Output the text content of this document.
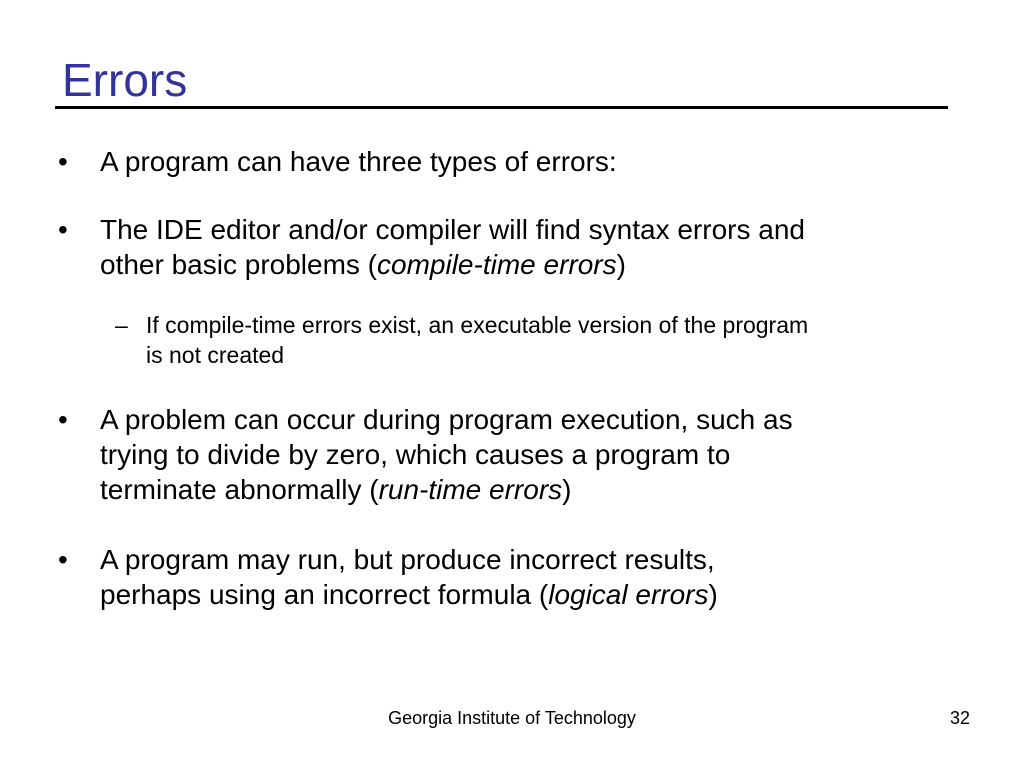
Errors
•	A program can have three types of errors:
•	The IDE editor and/or compiler will find syntax errors and
other basic problems (compile-time errors)
– If compile-time errors exist, an executable version of the program
is not created
•	A problem can occur during program execution, such as
trying to divide by zero, which causes a program to
terminate abnormally (run-time errors)
•	A program may run, but produce incorrect results,
perhaps using an incorrect formula (logical errors)
Georgia Institute of Technology	32
